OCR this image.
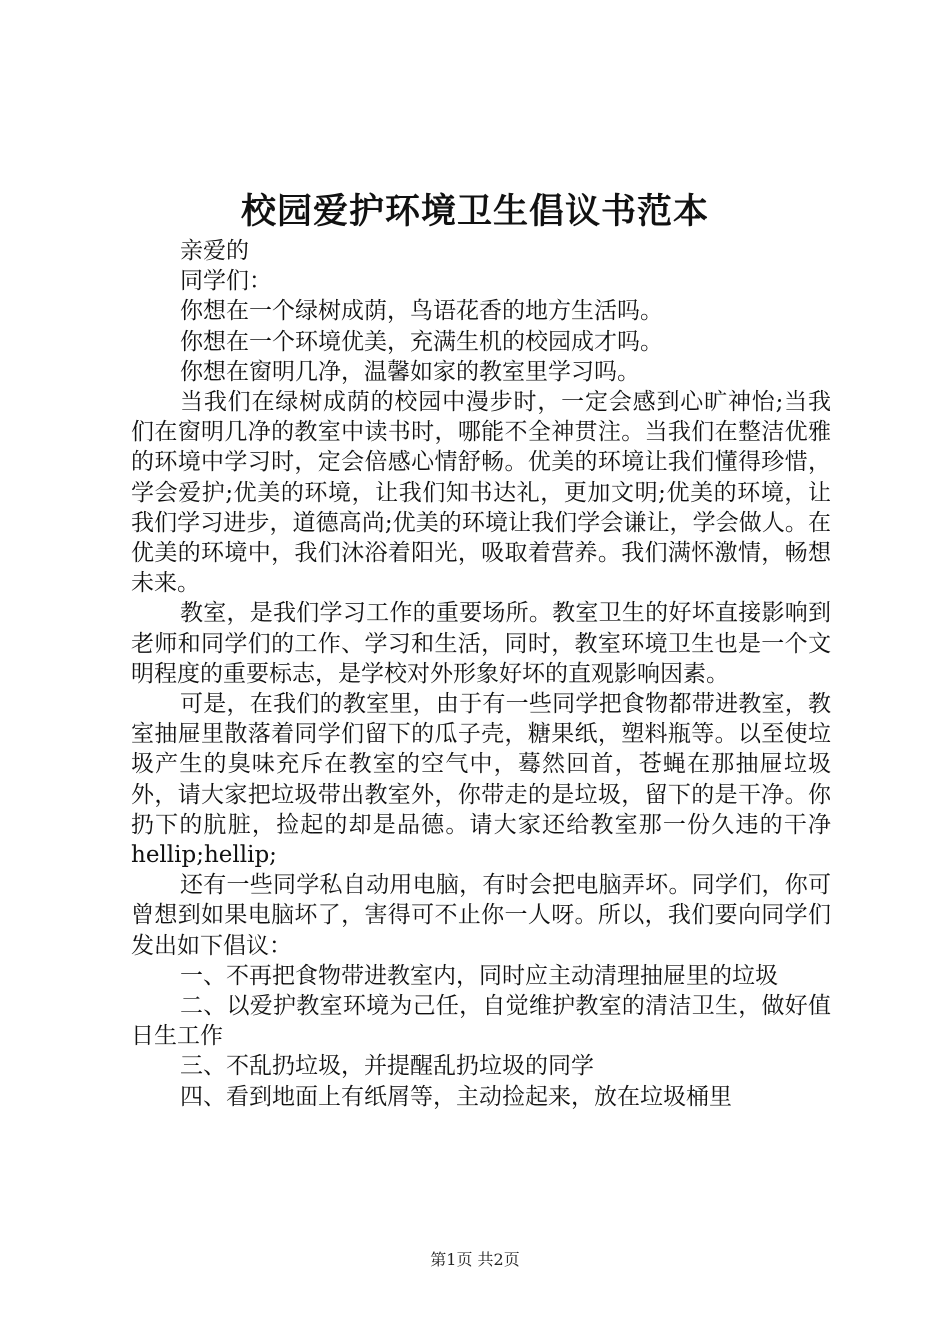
校园爱护环境卫生倡议书范本

亲爱的

同学们：

你想在一个绿树成荫，鸟语花香的地方生活吗。

你想在一个环境优美，充满生机的校园成才吗。

你想在窗明几净，温馨如家的教室里学习吗。

当我们在绿树成荫的校园中漫步时，一定会感到心旷神怡;当我们在窗明几净的教室中读书时，哪能不全神贯注。当我们在整洁优雅的环境中学习时，定会倍感心情舒畅。优美的环境让我们懂得珍惜，学会爱护;优美的环境，让我们知书达礼，更加文明;优美的环境，让我们学习进步，道德高尚;优美的环境让我们学会谦让，学会做人。在优美的环境中，我们沐浴着阳光，吸取着营养。我们满怀激情，畅想未来。

教室，是我们学习工作的重要场所。教室卫生的好坏直接影响到老师和同学们的工作、学习和生活，同时，教室环境卫生也是一个文明程度的重要标志，是学校对外形象好坏的直观影响因素。

可是，在我们的教室里，由于有一些同学把食物都带进教室，教室抽屉里散落着同学们留下的瓜子壳，糖果纸，塑料瓶等。以至使垃圾产生的臭味充斥在教室的空气中，蓦然回首，苍蝇在那抽屉垃圾外，请大家把垃圾带出教室外，你带走的是垃圾，留下的是干净。你扔下的肮脏，捡起的却是品德。请大家还给教室那一份久违的干净hellip;hellip;

还有一些同学私自动用电脑，有时会把电脑弄坏。同学们，你可曾想到如果电脑坏了，害得可不止你一人呀。所以，我们要向同学们发出如下倡议：

一、不再把食物带进教室内，同时应主动清理抽屉里的垃圾

二、以爱护教室环境为己任，自觉维护教室的清洁卫生，做好值日生工作

三、不乱扔垃圾，并提醒乱扔垃圾的同学

四、看到地面上有纸屑等，主动捡起来，放在垃圾桶里

第1页 共2页
